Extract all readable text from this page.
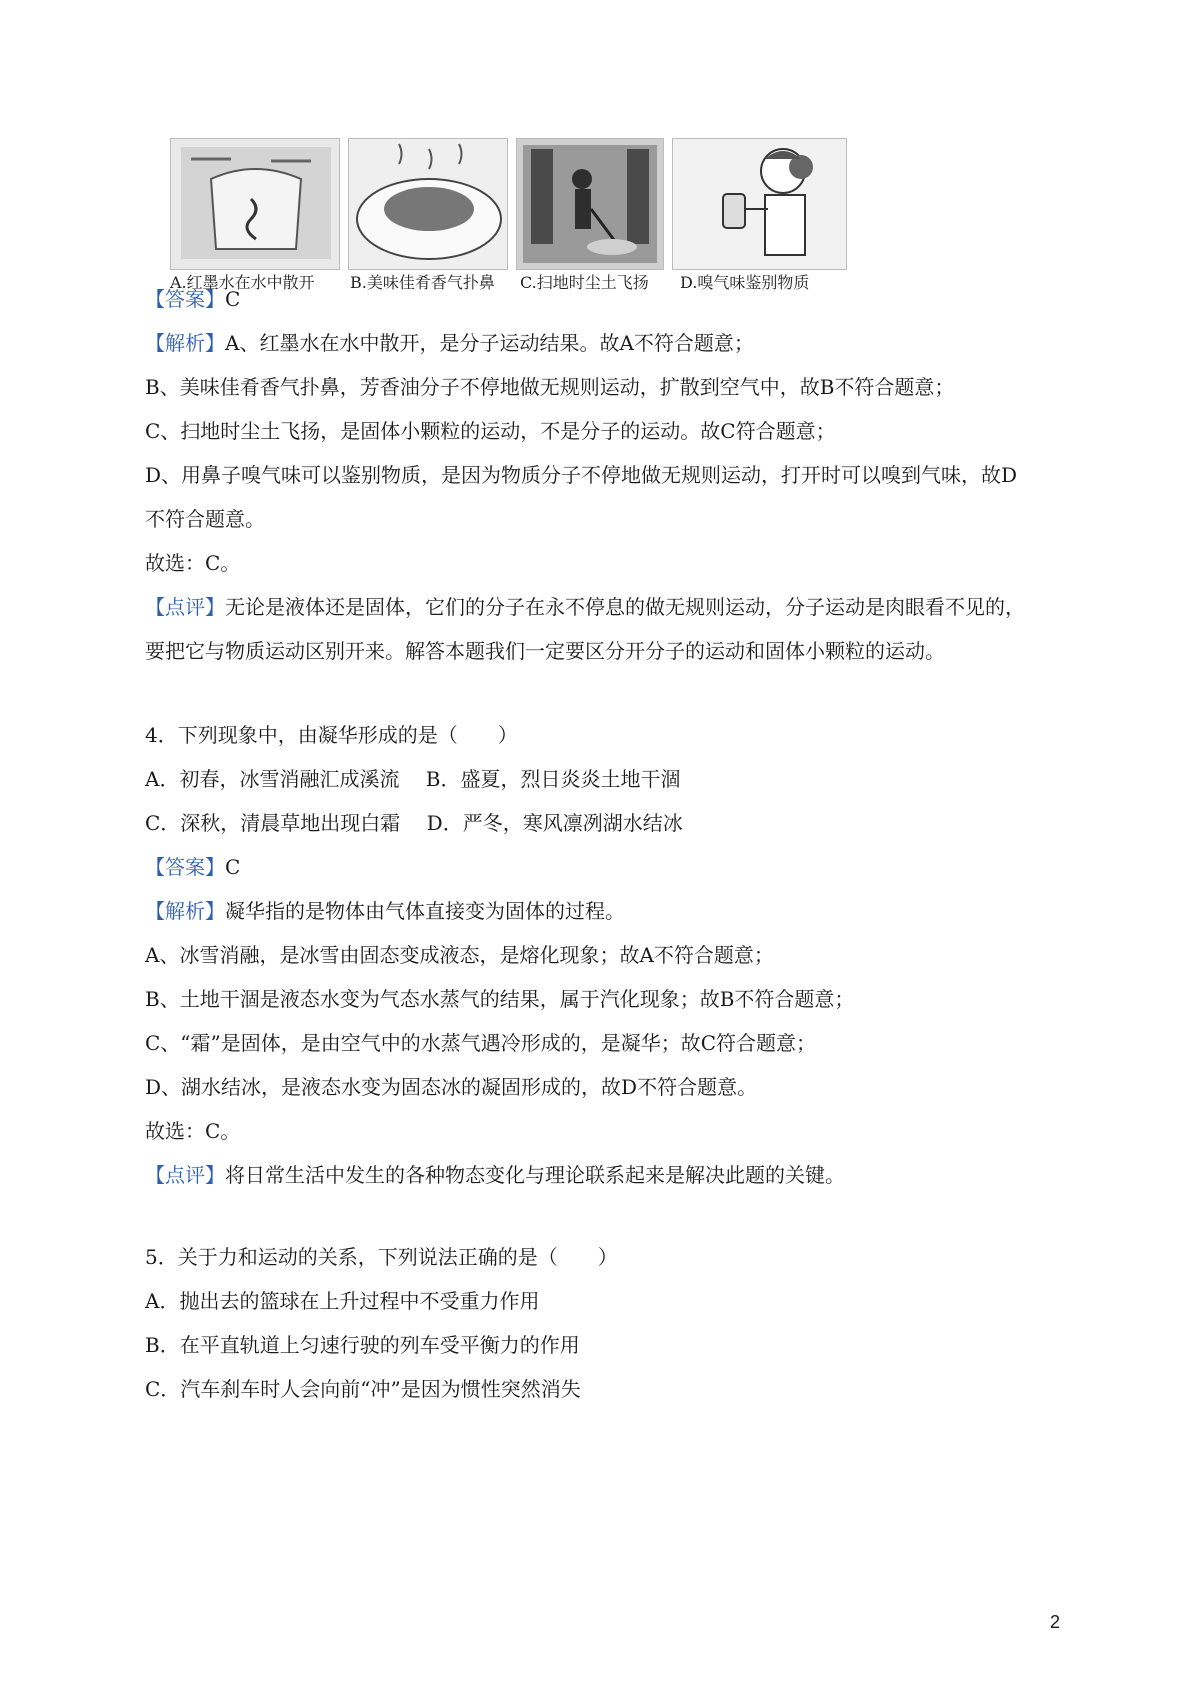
A.红墨水在水中散开 B.美味佳肴香气扑鼻 C.扫地时尘土飞扬 D.嗅气味鉴别物质
【答案】C
【解析】A、红墨水在水中散开，是分子运动结果。故A不符合题意；
B、美味佳肴香气扑鼻，芳香油分子不停地做无规则运动，扩散到空气中，故B不符合题意；
C、扫地时尘土飞扬，是固体小颗粒的运动，不是分子的运动。故C符合题意；
D、用鼻子嗅气味可以鉴别物质，是因为物质分子不停地做无规则运动，打开时可以嗅到气味，故D
不符合题意。
故选：C。
【点评】无论是液体还是固体，它们的分子在永不停息的做无规则运动，分子运动是肉眼看不见的，
要把它与物质运动区别开来。解答本题我们一定要区分开分子的运动和固体小颗粒的运动。
4．下列现象中，由凝华形成的是（　　）
A．初春，冰雪消融汇成溪流　 B．盛夏，烈日炎炎土地干涸
C．深秋，清晨草地出现白霜　 D．严冬，寒风凛冽湖水结冰
【答案】C
【解析】凝华指的是物体由气体直接变为固体的过程。
A、冰雪消融，是冰雪由固态变成液态，是熔化现象；故A不符合题意；
B、土地干涸是液态水变为气态水蒸气的结果，属于汽化现象；故B不符合题意；
C、“霜”是固体，是由空气中的水蒸气遇冷形成的，是凝华；故C符合题意；
D、湖水结冰，是液态水变为固态冰的凝固形成的，故D不符合题意。
故选：C。
【点评】将日常生活中发生的各种物态变化与理论联系起来是解决此题的关键。
5．关于力和运动的关系，下列说法正确的是（　　）
A．抛出去的篮球在上升过程中不受重力作用
B．在平直轨道上匀速行驶的列车受平衡力的作用
C．汽车刹车时人会向前“冲”是因为惯性突然消失
2
